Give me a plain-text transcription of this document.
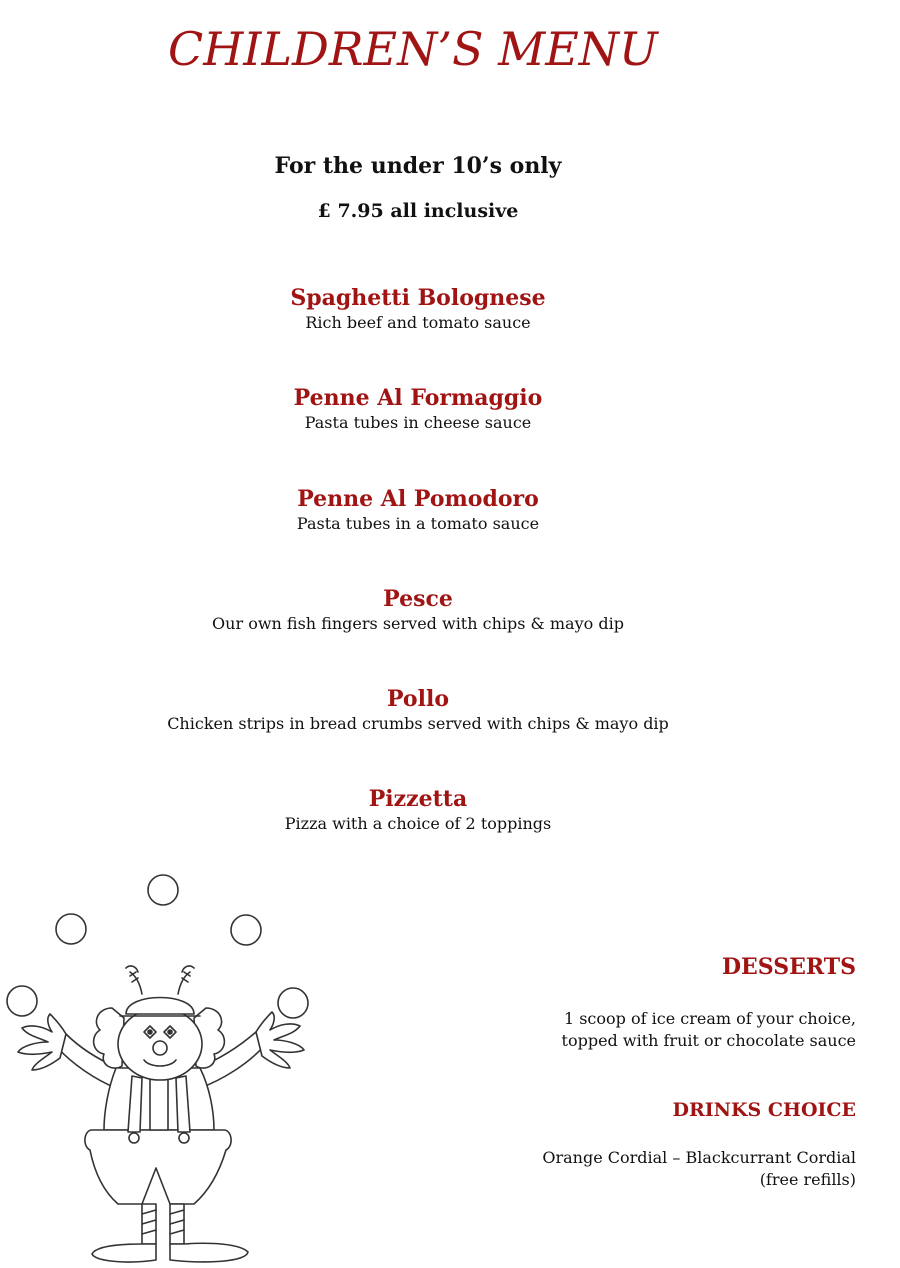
CHILDREN’S MENU

For the under 10’s only

£ 7.95 all inclusive

Spaghetti Bolognese

Rich beef and tomato sauce

Penne Al Formaggio

Pasta tubes in cheese sauce

Penne Al Pomodoro

Pasta tubes in a tomato sauce

Pesce

Our own fish fingers served with chips & mayo dip

Pollo

Chicken strips in bread crumbs served with chips & mayo dip

Pizzetta

Pizza with a choice of 2 toppings

DESSERTS

1 scoop of ice cream of your choice,

topped with fruit or chocolate sauce

DRINKS CHOICE

Orange Cordial – Blackcurrant Cordial

(free refills)
